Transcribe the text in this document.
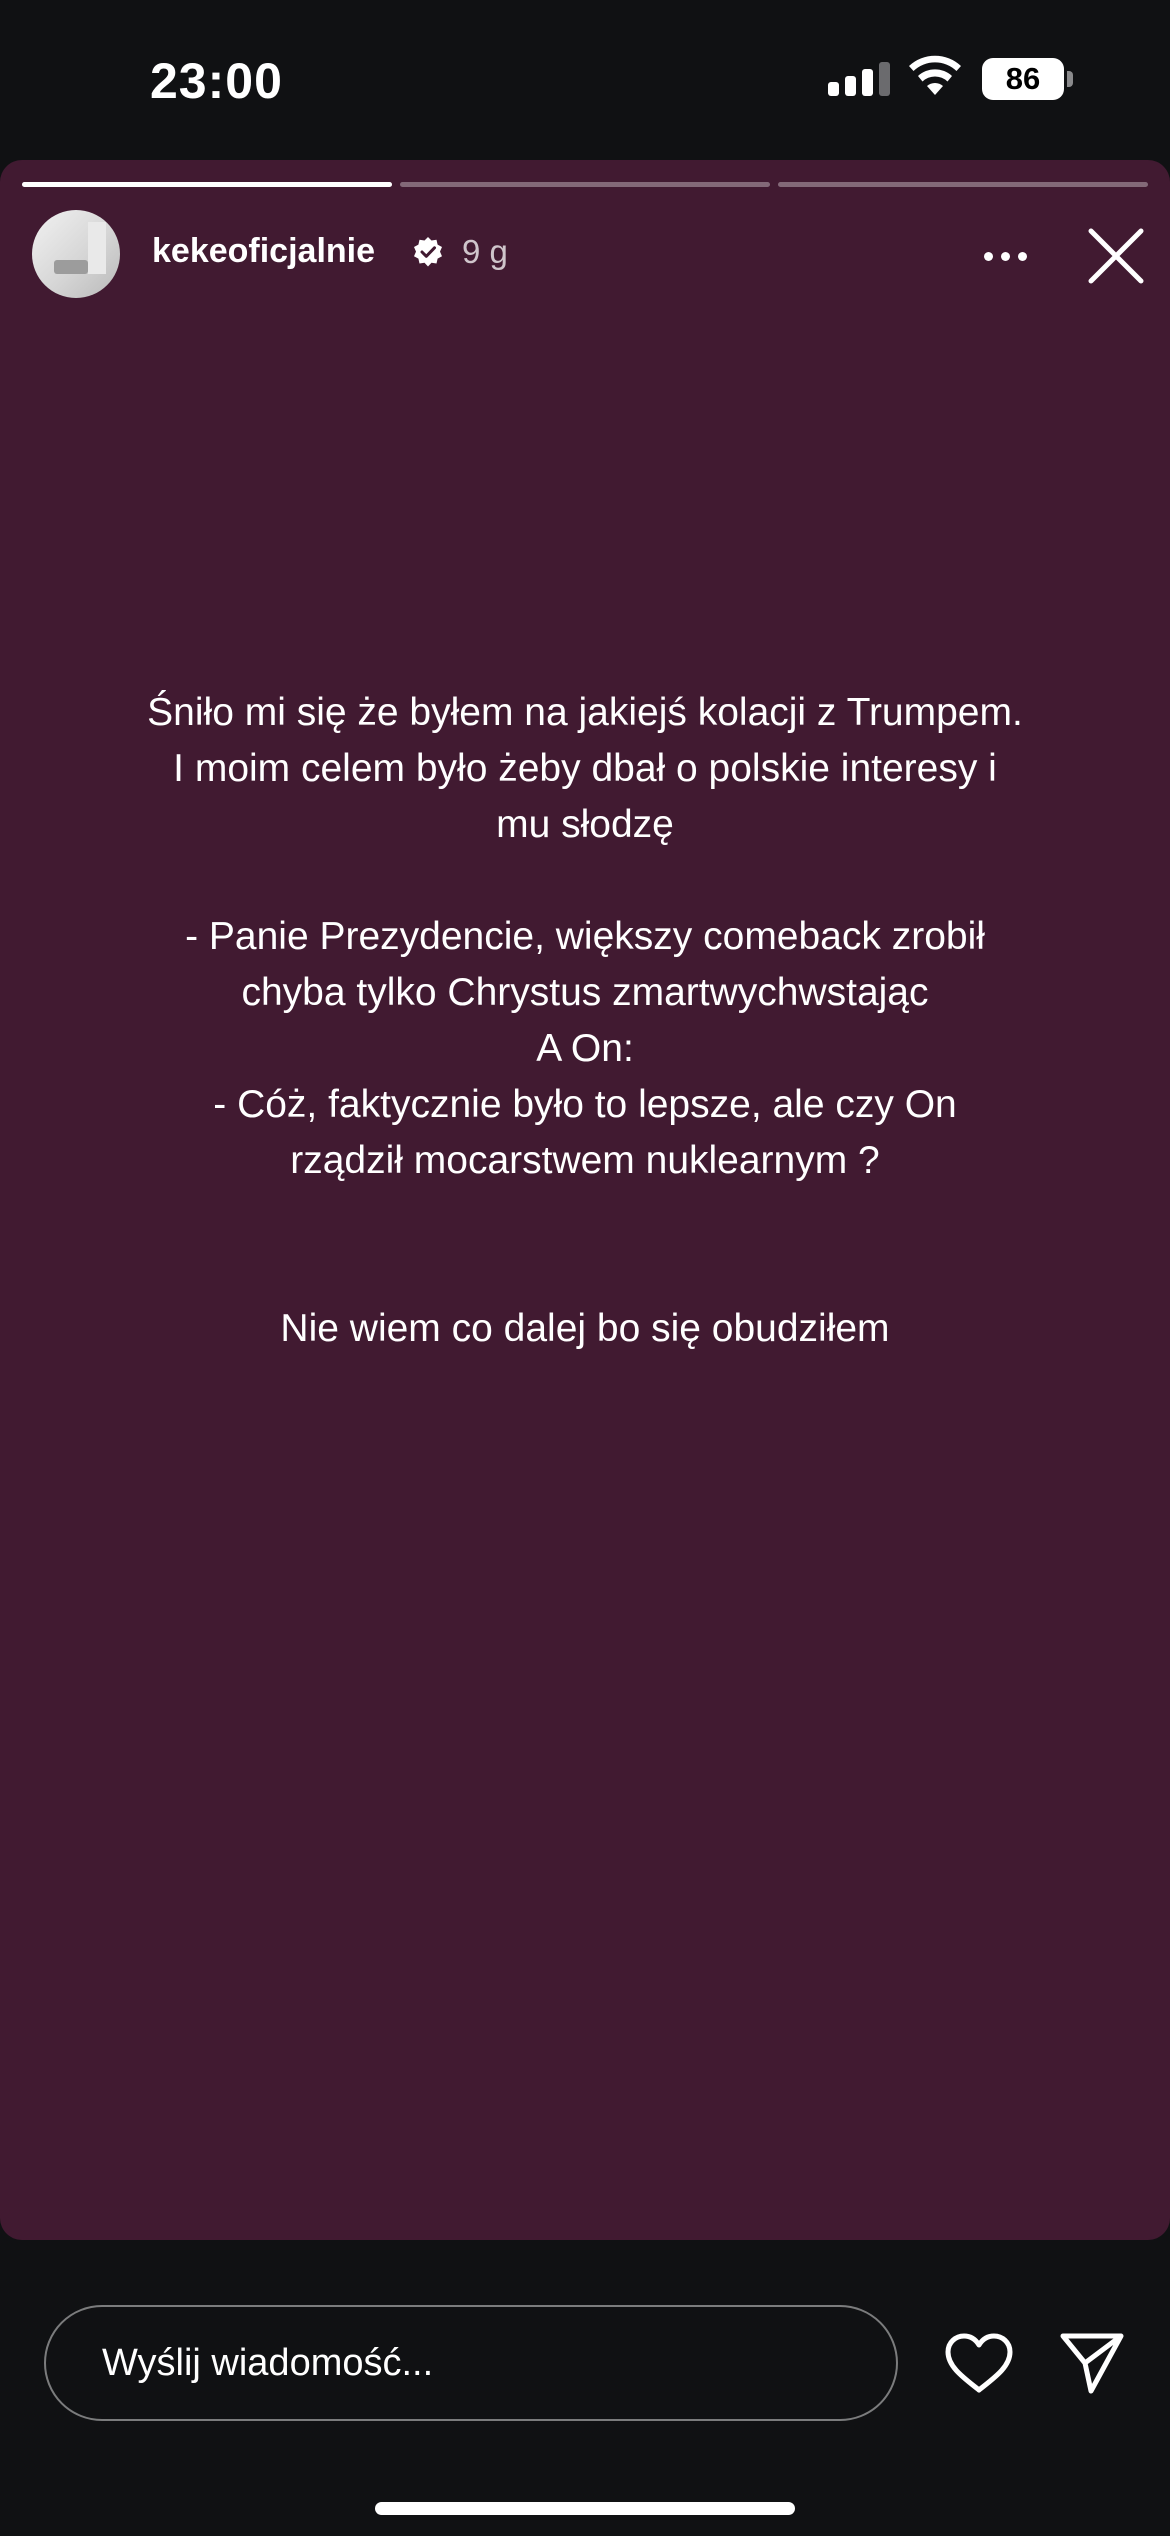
23:00	86
kekeoficjalnie	9 g

Śniło mi się że byłem na jakiejś kolacji z Trumpem.
I moim celem było żeby dbał o polskie interesy i
mu słodzę

- Panie Prezydencie, większy comeback zrobił
chyba tylko Chrystus zmartwychwstając
A On:
- Cóż, faktycznie było to lepsze, ale czy On
rządził mocarstwem nuklearnym ?

Nie wiem co dalej bo się obudziłem

Wyślij wiadomość...
